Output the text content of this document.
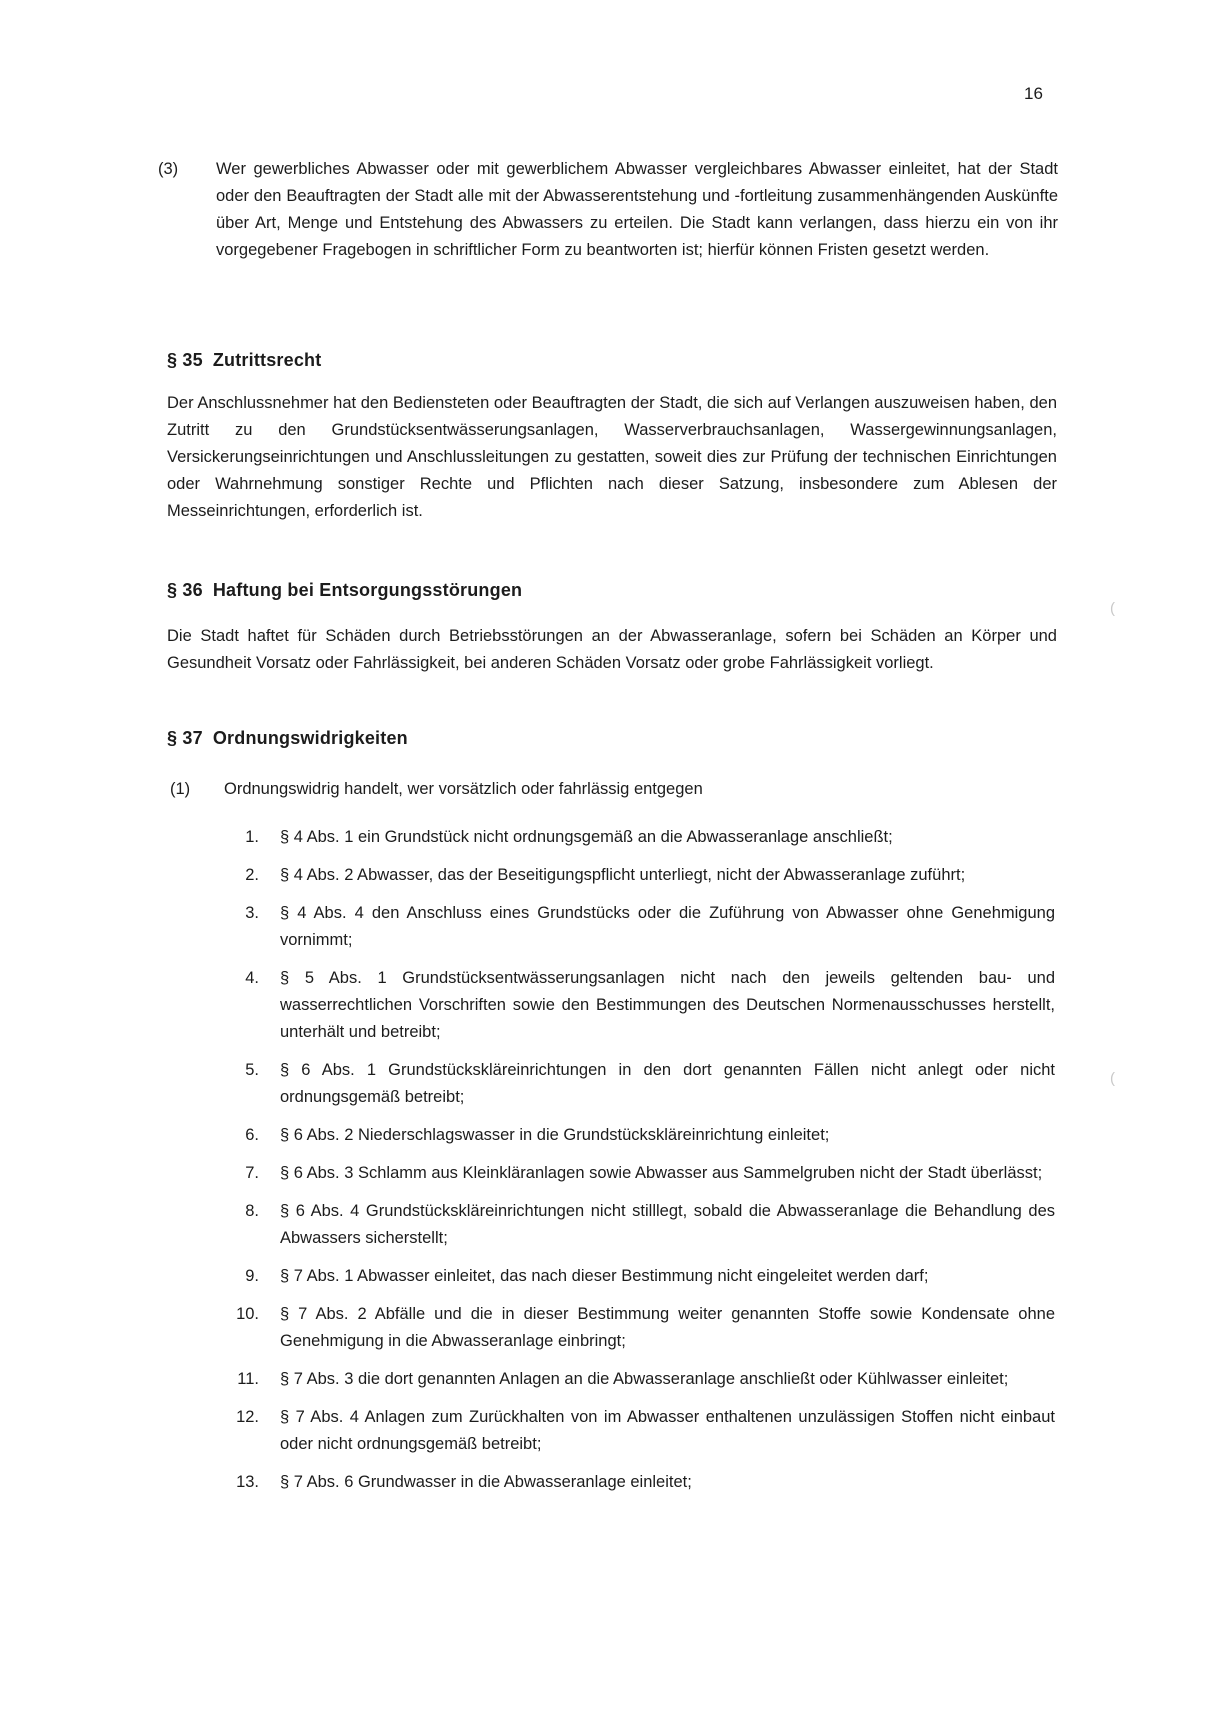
16
(3) Wer gewerbliches Abwasser oder mit gewerblichem Abwasser vergleichbares Abwasser einleitet, hat der Stadt oder den Beauftragten der Stadt alle mit der Abwasserentstehung und -fortleitung zusammenhängenden Auskünfte über Art, Menge und Entstehung des Abwassers zu erteilen. Die Stadt kann verlangen, dass hierzu ein von ihr vorgegebener Fragebogen in schriftlicher Form zu beantworten ist; hierfür können Fristen gesetzt werden.
§ 35 Zutrittsrecht
Der Anschlussnehmer hat den Bediensteten oder Beauftragten der Stadt, die sich auf Verlangen auszuweisen haben, den Zutritt zu den Grundstücksentwässerungsanlagen, Wasserverbrauchsanlagen, Wassergewinnungsanlagen, Versickerungseinrichtungen und Anschlussleitungen zu gestatten, soweit dies zur Prüfung der technischen Einrichtungen oder Wahrnehmung sonstiger Rechte und Pflichten nach dieser Satzung, insbesondere zum Ablesen der Messeinrichtungen, erforderlich ist.
§ 36 Haftung bei Entsorgungsstörungen
Die Stadt haftet für Schäden durch Betriebsstörungen an der Abwasseranlage, sofern bei Schäden an Körper und Gesundheit Vorsatz oder Fahrlässigkeit, bei anderen Schäden Vorsatz oder grobe Fahrlässigkeit vorliegt.
§ 37 Ordnungswidrigkeiten
(1) Ordnungswidrig handelt, wer vorsätzlich oder fahrlässig entgegen
1. § 4 Abs. 1 ein Grundstück nicht ordnungsgemäß an die Abwasseranlage anschließt;
2. § 4 Abs. 2 Abwasser, das der Beseitigungspflicht unterliegt, nicht der Abwasseranlage zuführt;
3. § 4 Abs. 4 den Anschluss eines Grundstücks oder die Zuführung von Abwasser ohne Genehmigung vornimmt;
4. § 5 Abs. 1 Grundstücksentwässerungsanlagen nicht nach den jeweils geltenden bau- und wasserrechtlichen Vorschriften sowie den Bestimmungen des Deutschen Normenausschusses herstellt, unterhält und betreibt;
5. § 6 Abs. 1 Grundstückskläreinrichtungen in den dort genannten Fällen nicht anlegt oder nicht ordnungsgemäß betreibt;
6. § 6 Abs. 2 Niederschlagswasser in die Grundstückskläreinrichtung einleitet;
7. § 6 Abs. 3 Schlamm aus Kleinkläranlagen sowie Abwasser aus Sammelgruben nicht der Stadt überlässt;
8. § 6 Abs. 4 Grundstückskläreinrichtungen nicht stilllegt, sobald die Abwasseranlage die Behandlung des Abwassers sicherstellt;
9. § 7 Abs. 1 Abwasser einleitet, das nach dieser Bestimmung nicht eingeleitet werden darf;
10. § 7 Abs. 2 Abfälle und die in dieser Bestimmung weiter genannten Stoffe sowie Kondensate ohne Genehmigung in die Abwasseranlage einbringt;
11. § 7 Abs. 3 die dort genannten Anlagen an die Abwasseranlage anschließt oder Kühlwasser einleitet;
12. § 7 Abs. 4 Anlagen zum Zurückhalten von im Abwasser enthaltenen unzulässigen Stoffen nicht einbaut oder nicht ordnungsgemäß betreibt;
13. § 7 Abs. 6 Grundwasser in die Abwasseranlage einleitet;
(
(
